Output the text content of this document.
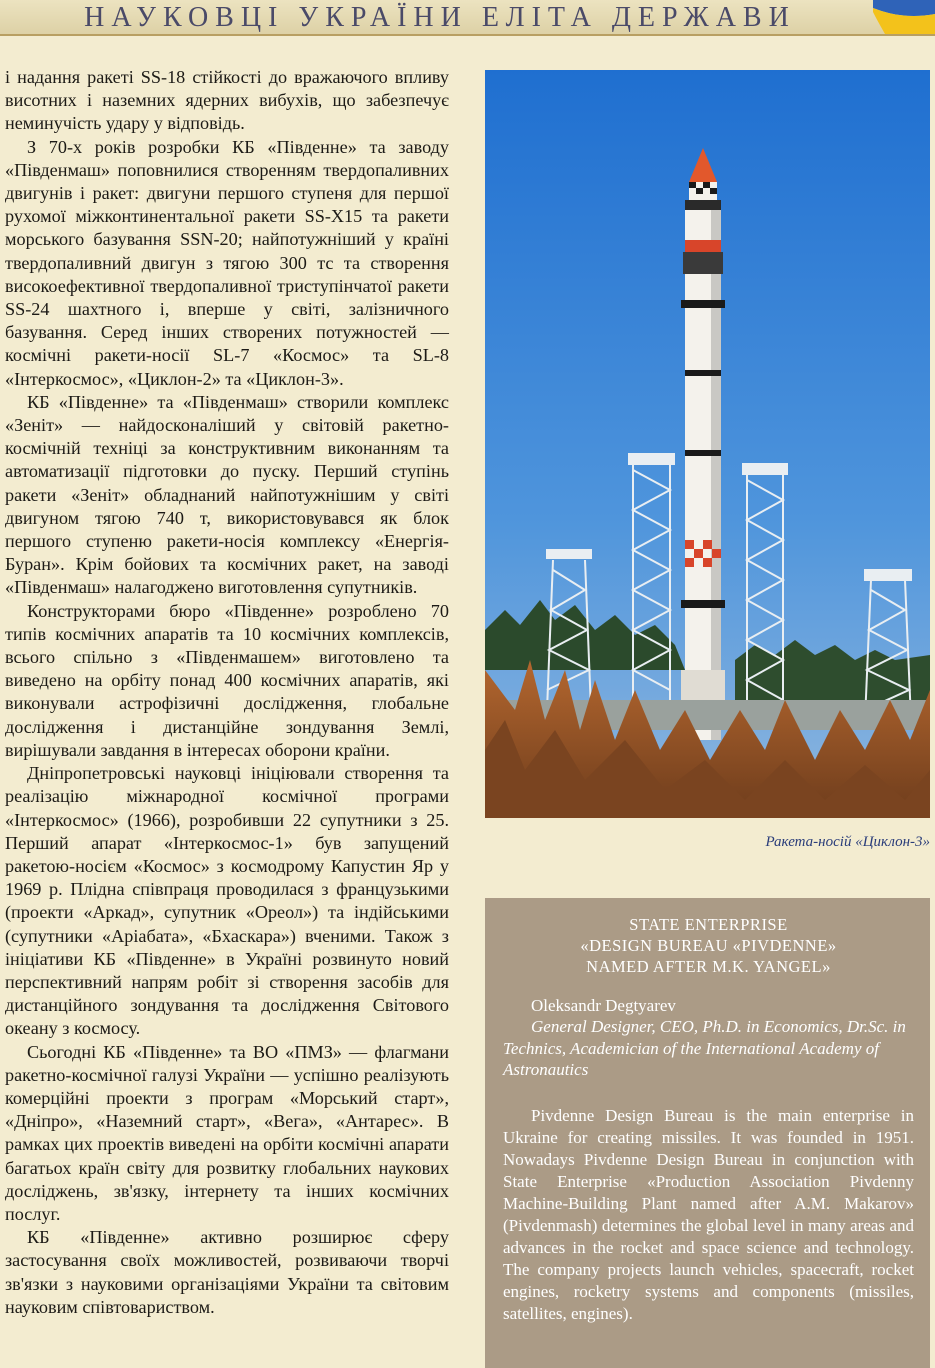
НАУКОВЦІ УКРАЇНИ ЕЛІТА ДЕРЖАВИ

і надання ракеті SS-18 стійкості до вражаючого впливу висотних і наземних ядерних вибухів, що забезпечує неминучість удару у відповідь.

З 70-х років розробки КБ «Південне» та заводу «Південмаш» поповнилися створенням твердопаливних двигунів і ракет: двигуни першого ступеня для першої рухомої міжконтинентальної ракети SS-X15 та ракети морського базування SSN-20; найпотужніший у країні твердопаливний двигун з тягою 300 тс та створення високоефективної твердопаливної триступінчатої ракети SS-24 шахтного і, вперше у світі, залізничного базування. Серед інших створених потужностей — космічні ракети-носії SL-7 «Космос» та SL-8 «Інтеркосмос», «Циклон-2» та «Циклон-3».

КБ «Південне» та «Південмаш» створили комплекс «Зеніт» — найдосконаліший у світовій ракетно-космічній техніці за конструктивним виконанням та автоматизації підготовки до пуску. Перший ступінь ракети «Зеніт» обладнаний найпотужнішим у світі двигуном тягою 740 т, використовувався як блок першого ступеню ракети-носія комплексу «Енергія-Буран». Крім бойових та космічних ракет, на заводі «Південмаш» налагоджено виготовлення супутників.

Конструкторами бюро «Південне» розроблено 70 типів космічних апаратів та 10 космічних комплексів, всього спільно з «Південмашем» виготовлено та виведено на орбіту понад 400 космічних апаратів, які виконували астрофізичні дослідження, глобальне дослідження і дистанційне зондування Землі, вирішували завдання в інтересах оборони країни.

Дніпропетровські науковці ініціювали створення та реалізацію міжнародної космічної програми «Інтеркосмос» (1966), розробивши 22 супутники з 25. Перший апарат «Інтеркосмос-1» був запущений ракетою-носієм «Космос» з космодрому Капустин Яр у 1969 р. Плідна співпраця проводилася з французькими (проекти «Аркад», супутник «Ореол») та індійськими (супутники «Аріабата», «Бхаскара») вченими. Також з ініціативи КБ «Південне» в Україні розвинуто новий перспективний напрям робіт зі створення засобів для дистанційного зондування та дослідження Світового океану з космосу.

Сьогодні КБ «Південне» та ВО «ПМЗ» — флагмани ракетно-космічної галузі України — успішно реалізують комерційні проекти з програм «Морський старт», «Дніпро», «Наземний старт», «Вега», «Антарес». В рамках цих проектів виведені на орбіти космічні апарати багатьох країн світу для розвитку глобальних наукових досліджень, зв'язку, інтернету та інших космічних послуг.

КБ «Південне» активно розширює сферу застосування своїх можливостей, розвиваючи творчі зв'язки з науковими організаціями України та світовим науковим співтовариством.

Ракета-носій «Циклон-3»
STATE ENTERPRISE
«DESIGN BUREAU «PIVDENNE»
NAMED AFTER M.K. YANGEL»
Oleksandr Degtyarev
General Designer, CEO, Ph.D. in Economics, Dr.Sc. in Technics, Academician of the International Academy of Astronautics
Pivdenne Design Bureau is the main enterprise in Ukraine for creating missiles. It was founded in 1951. Nowadays Pivdenne Design Bureau in conjunction with State Enterprise «Production Association Pivdenny Machine-Building Plant named after A.M. Makarov» (Pivdenmash) determines the global level in many areas and advances in the rocket and space science and technology. The company projects launch vehicles, spacecraft, rocket engines, rocketry systems and components (missiles, satellites, engines).
